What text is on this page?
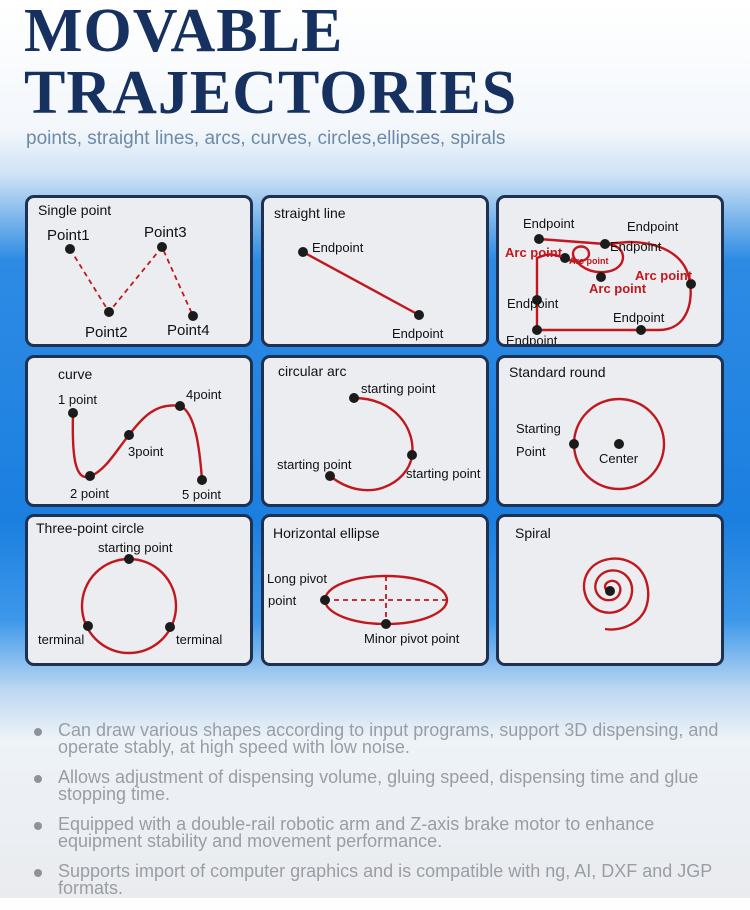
MOVABLE
TRAJECTORIES
points, straight lines, arcs, curves, circles,ellipses, spirals
Single point
Point1	Point3
Point2	Point4
straight line
Endpoint
Endpoint
Endpoint	Endpoint
Endpoint
Arc point
Arc point
Arc point
Arc point
Endpoint
Endpoint
Endpoint
curve
1 point	4point
3point
2 point	5 point
circular arc
starting point
starting point
starting point
Standard round
Starting
Point	Center
Three-point circle
starting point
terminal	terminal
Horizontal ellipse
Long pivot
point
Minor pivot point
Spiral
Can draw various shapes according to input programs, support 3D dispensing, and operate stably, at high speed with low noise.
Allows adjustment of dispensing volume, gluing speed, dispensing time and glue stopping time.
Equipped with a double-rail robotic arm and Z-axis brake motor to enhance equipment stability and movement performance.
Supports import of computer graphics and is compatible with ng, AI, DXF and JGP formats.
